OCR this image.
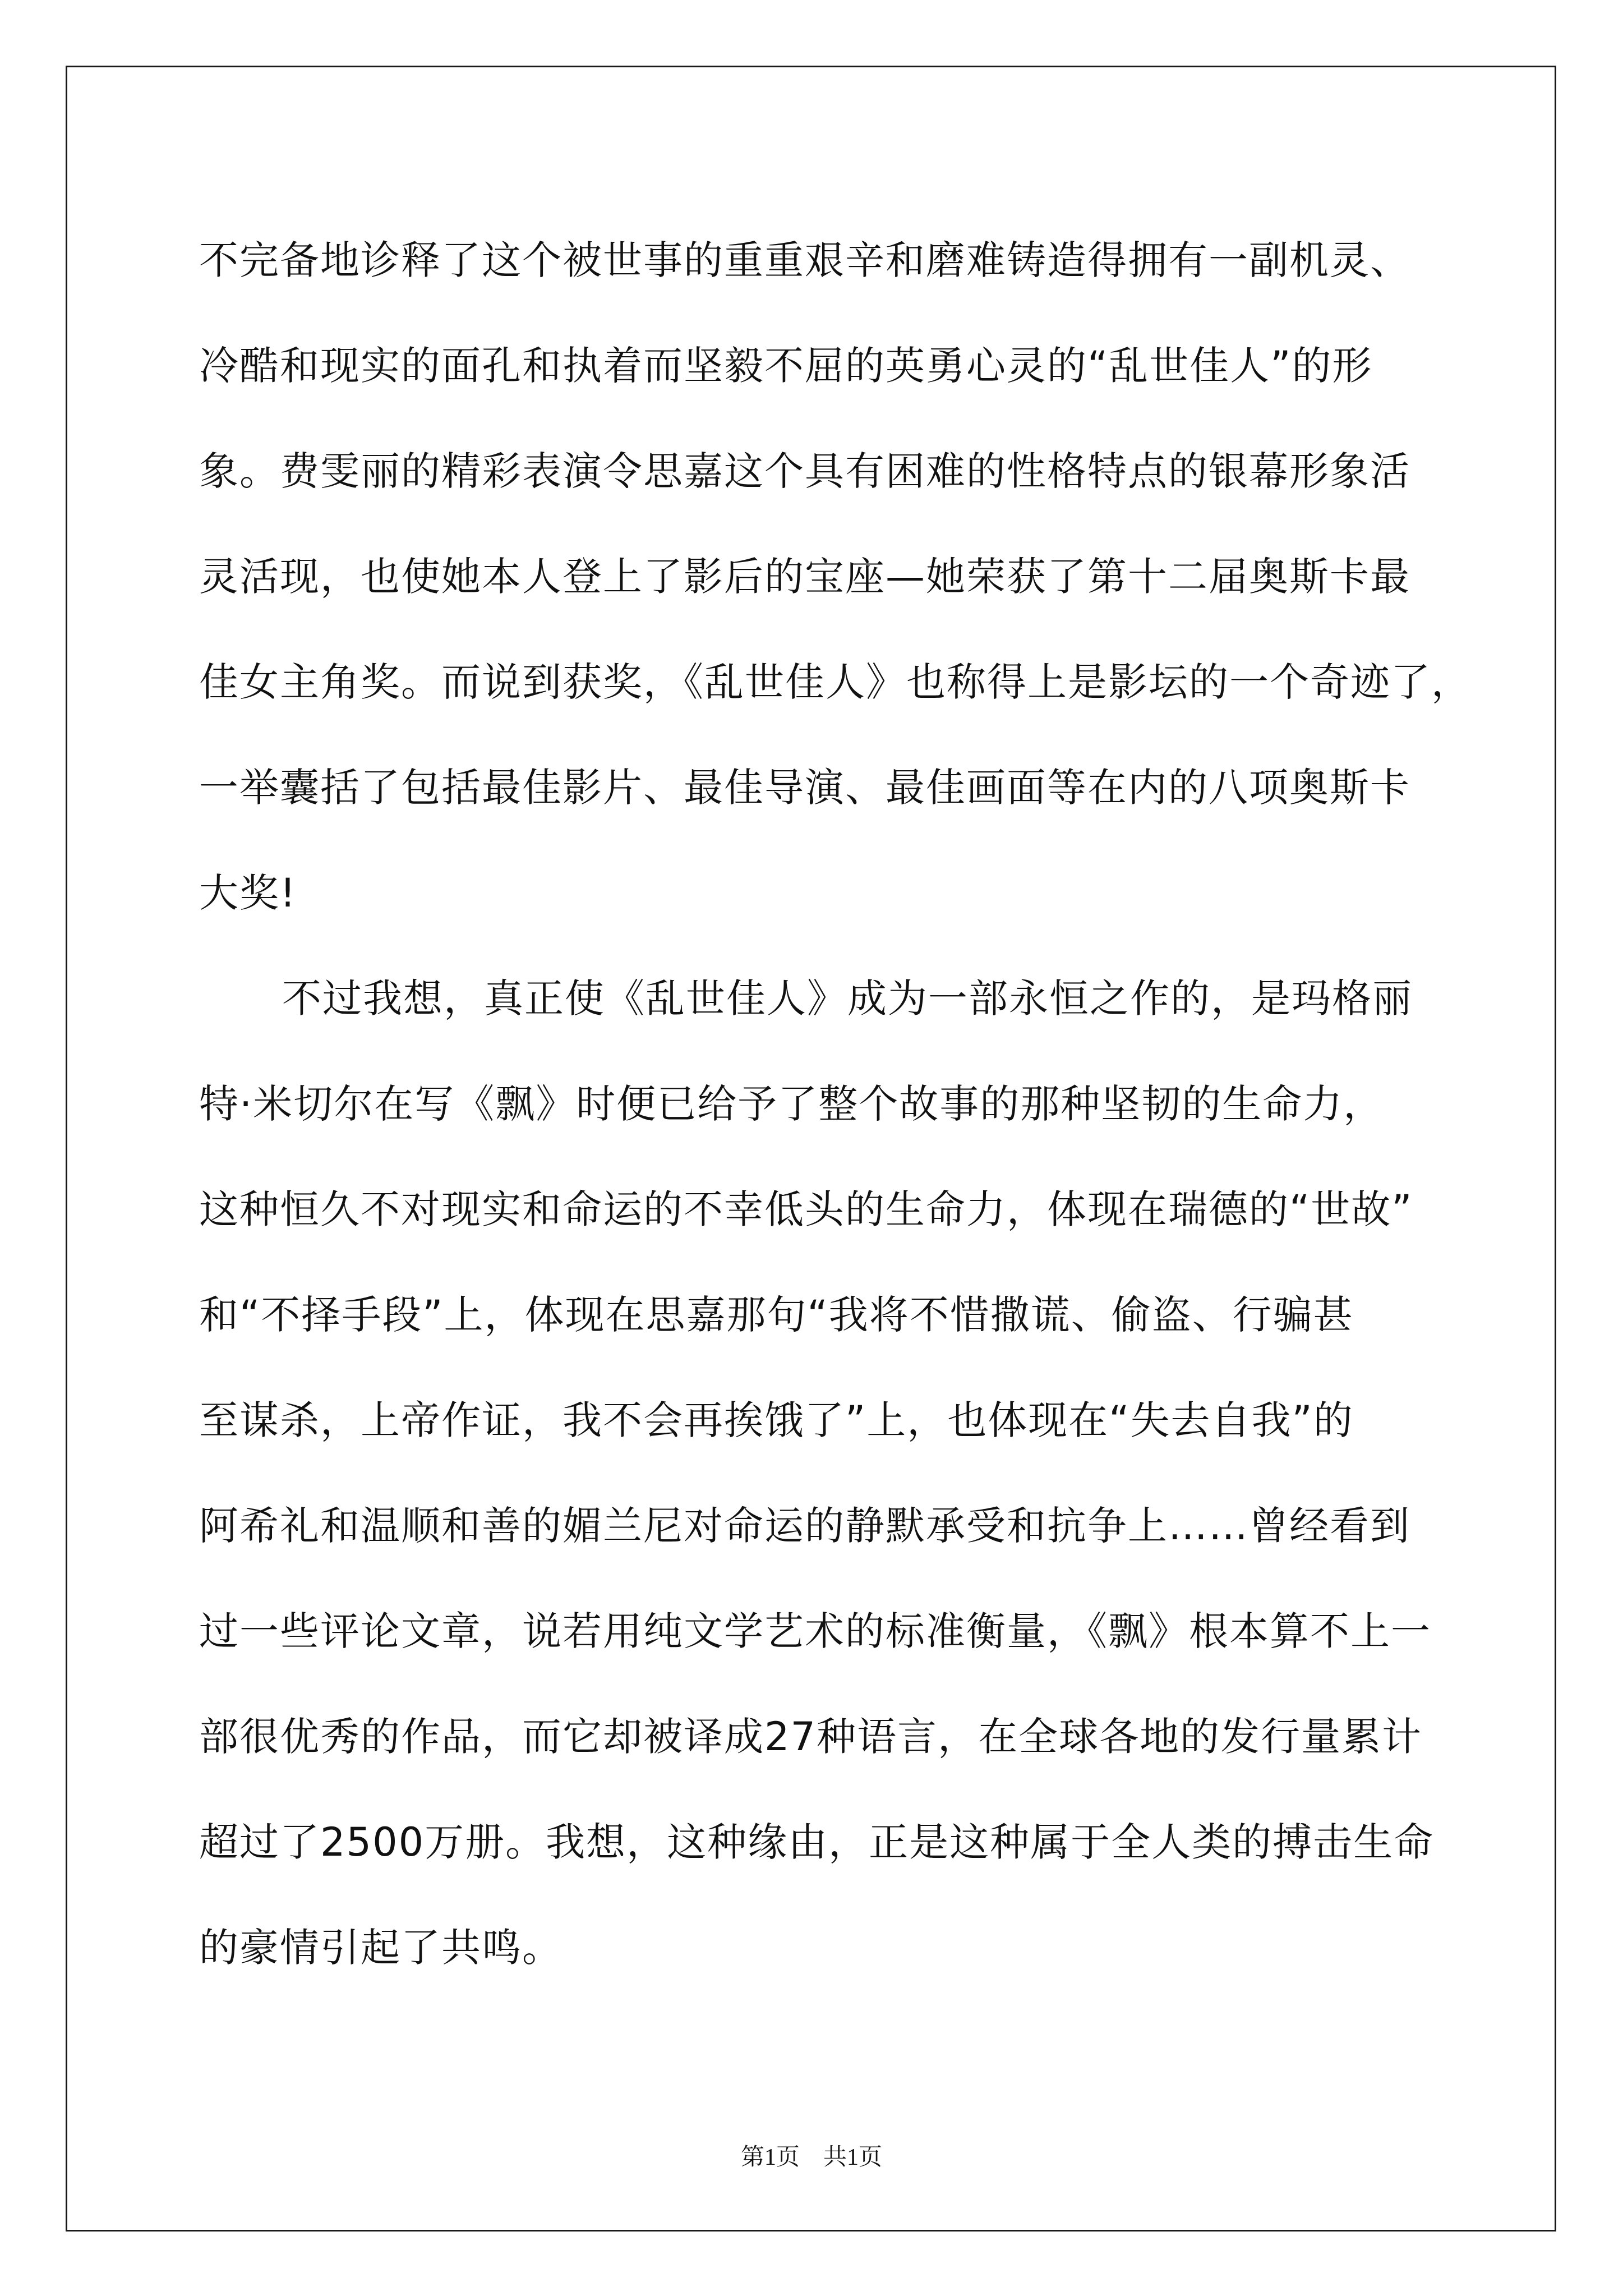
不完备地诊释了这个被世事的重重艰辛和磨难铸造得拥有一副机灵、
冷酷和现实的面孔和执着而坚毅不屈的英勇心灵的“乱世佳人”的形
象。费雯丽的精彩表演令思嘉这个具有困难的性格特点的银幕形象活
灵活现，也使她本人登上了影后的宝座—她荣获了第十二届奥斯卡最
佳女主角奖。而说到获奖，《乱世佳人》也称得上是影坛的一个奇迹了，
一举囊括了包括最佳影片、最佳导演、最佳画面等在内的八项奥斯卡
大奖!
不过我想，真正使《乱世佳人》成为一部永恒之作的，是玛格丽
特·米切尔在写《飘》时便已给予了整个故事的那种坚韧的生命力，
这种恒久不对现实和命运的不幸低头的生命力，体现在瑞德的“世故”
和“不择手段”上，体现在思嘉那句“我将不惜撒谎、偷盗、行骗甚
至谋杀，上帝作证，我不会再挨饿了”上，也体现在“失去自我”的
阿希礼和温顺和善的媚兰尼对命运的静默承受和抗争上……曾经看到
过一些评论文章，说若用纯文学艺术的标准衡量，《飘》根本算不上一
部很优秀的作品，而它却被译成27种语言，在全球各地的发行量累计
超过了2500万册。我想，这种缘由，正是这种属于全人类的搏击生命
的豪情引起了共鸣。
第1页　共1页
